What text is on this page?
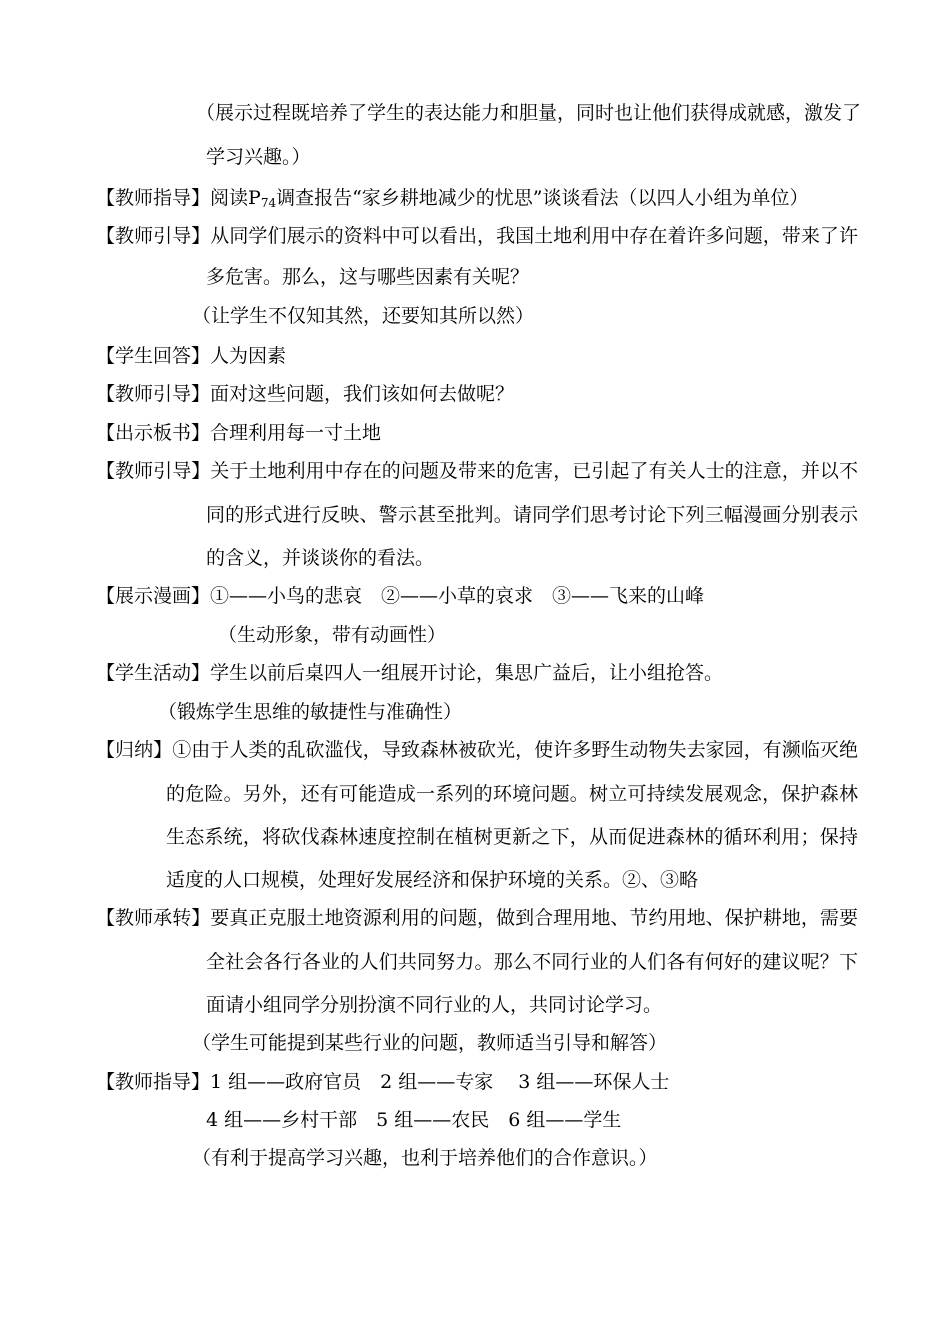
（展示过程既培养了学生的表达能力和胆量，同时也让他们获得成就感，激发了
学习兴趣。）
【教师指导】阅读$P_{74}$调查报告“家乡耕地减少的忧思”谈谈看法（以四人小组为单位）
【教师引导】从同学们展示的资料中可以看出，我国土地利用中存在着许多问题，带来了许
多危害。那么，这与哪些因素有关呢？
（让学生不仅知其然，还要知其所以然）
【学生回答】人为因素
【教师引导】面对这些问题，我们该如何去做呢？
【出示板书】合理利用每一寸土地
【教师引导】关于土地利用中存在的问题及带来的危害，已引起了有关人士的注意，并以不
同的形式进行反映、警示甚至批判。请同学们思考讨论下列三幅漫画分别表示
的含义，并谈谈你的看法。
【展示漫画】①——小鸟的悲哀　②——小草的哀求　③——飞来的山峰
（生动形象，带有动画性）
【学生活动】学生以前后桌四人一组展开讨论，集思广益后，让小组抢答。
（锻炼学生思维的敏捷性与准确性）
【归纳】①由于人类的乱砍滥伐，导致森林被砍光，使许多野生动物失去家园，有濒临灭绝
的危险。另外，还有可能造成一系列的环境问题。树立可持续发展观念，保护森林
生态系统，将砍伐森林速度控制在植树更新之下，从而促进森林的循环利用；保持
适度的人口规模，处理好发展经济和保护环境的关系。②、③略
【教师承转】要真正克服土地资源利用的问题，做到合理用地、节约用地、保护耕地，需要
全社会各行各业的人们共同努力。那么不同行业的人们各有何好的建议呢？下
面请小组同学分别扮演不同行业的人，共同讨论学习。
（学生可能提到某些行业的问题，教师适当引导和解答）
【教师指导】1 组——政府官员　2 组——专家　 3 组——环保人士
4 组——乡村干部　5 组——农民　6 组——学生
（有利于提高学习兴趣，也利于培养他们的合作意识。）
